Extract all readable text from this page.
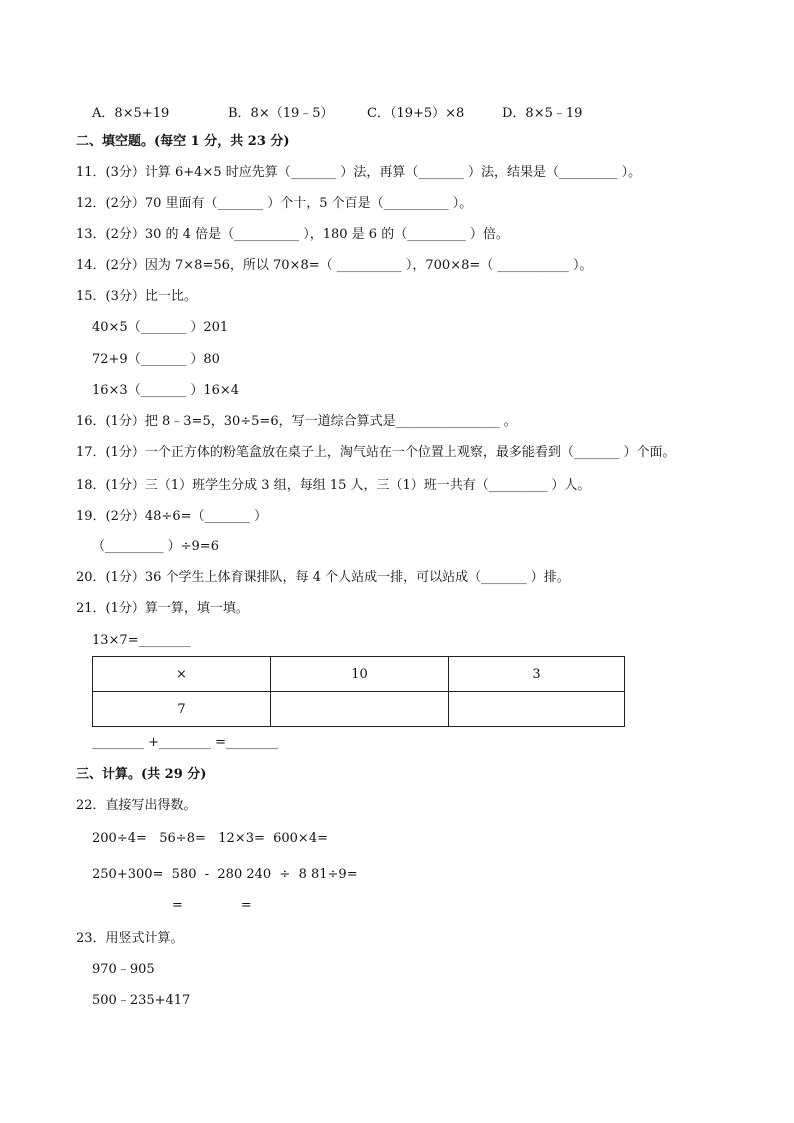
A．8×5+19	B．8×（19﹣5）	C．（19+5）×8	D．8×5﹣19
二、填空题。(每空 1 分，共 23 分)
11．(3分）计算 6+4×5 时应先算（_______ ）法，再算（_______ ）法，结果是（_________ ）。
12．(2分）70 里面有（_______ ）个十，5 个百是（__________ ）。
13．(2分）30 的 4 倍是（__________ ），180 是 6 的（_________ ）倍。
14．(2分）因为 7×8=56，所以 70×8=（ __________ ），700×8=（ ___________ ）。
15．(3分）比一比。
40×5（_______ ）201
72+9（_______ ）80
16×3（_______ ）16×4
16．(1分）把 8﹣3=5，30÷5=6，写一道综合算式是________________ 。
17．(1分）一个正方体的粉笔盒放在桌子上，淘气站在一个位置上观察，最多能看到（_______ ）个面。
18．(1分）三（1）班学生分成 3 组，每组 15 人，三（1）班一共有（_________ ）人。
19．(2分）48÷6=（_______ ）
（_________ ）÷9=6
20．(1分）36 个学生上体育课排队，每 4 个人站成一排，可以站成（_______ ）排。
21．(1分）算一算，填一填。
13×7=________
×	10	3
7		
________ +________ =________
三、计算。(共 29 分)
22．直接写出得数。
200÷4=   56÷8=   12×3=  600×4=
250+300=  580  -  280 240  ÷  8 81÷9=
=              =
23．用竖式计算。
970﹣905
500﹣235+417
